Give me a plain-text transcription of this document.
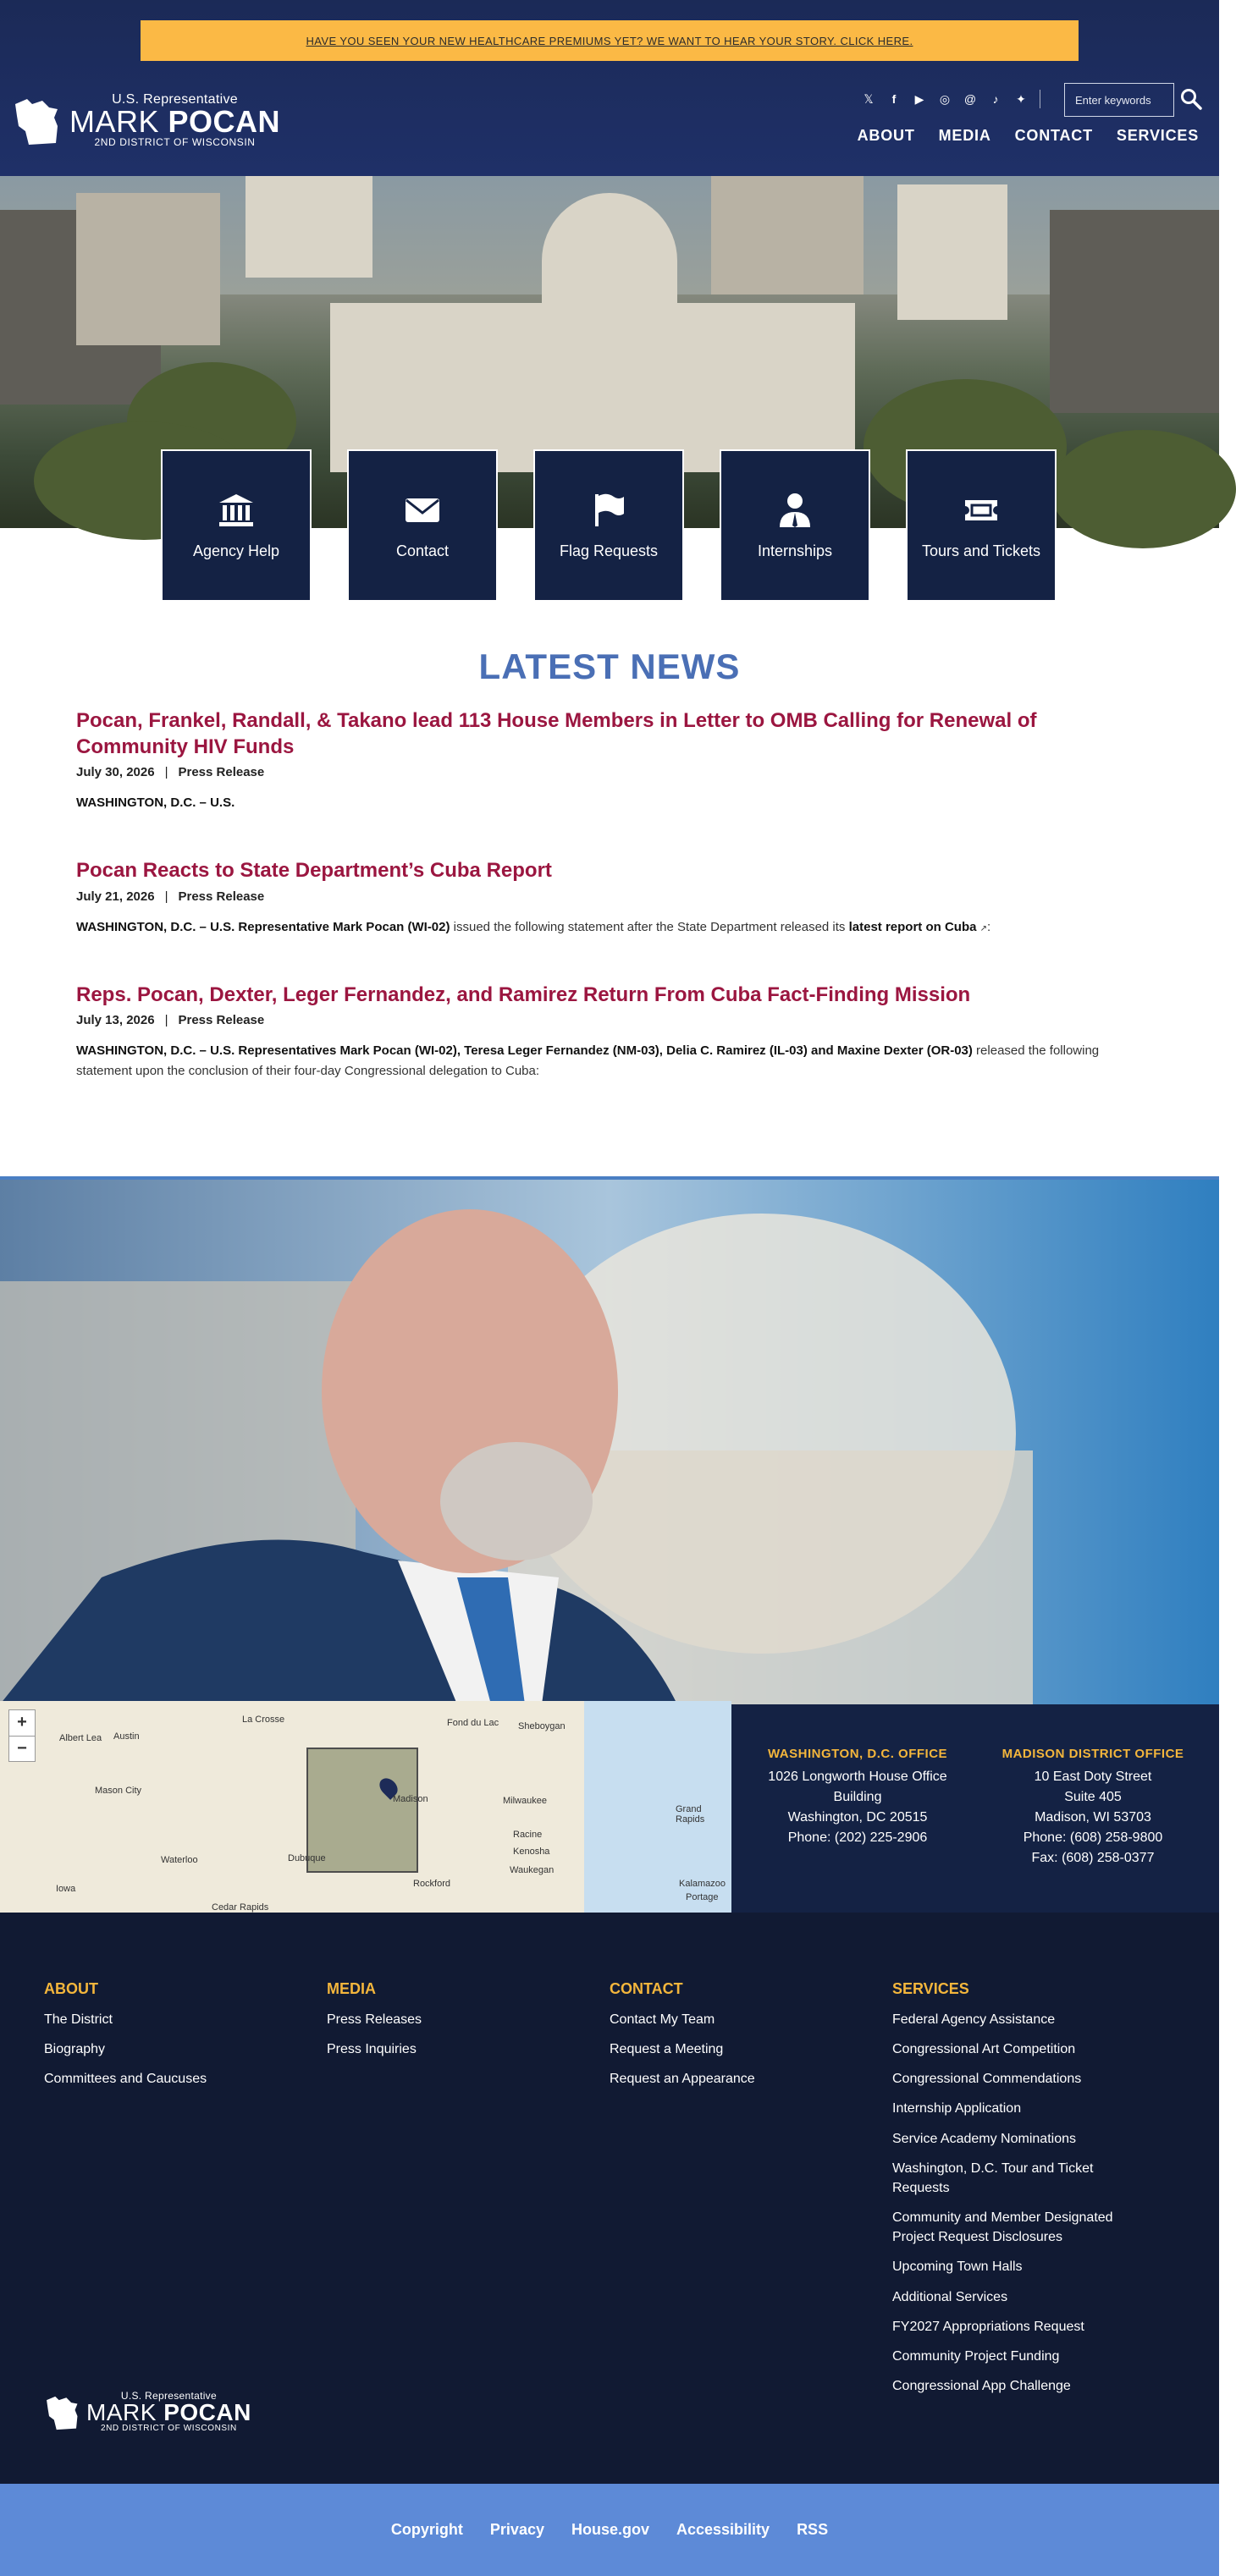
HAVE YOU SEEN YOUR NEW HEALTHCARE PREMIUMS YET? WE WANT TO HEAR YOUR STORY. CLICK HERE.
U.S. Representative
MARK POCAN
2ND DISTRICT OF WISCONSIN
𝕏	f	▶ ◎ @	♪	✦
Enter keywords
ABOUT MEDIA CONTACT SERVICES
Agency Help	Contact	Flag Requests	Internships	Tours and Tickets
LATEST NEWS
Pocan, Frankel, Randall, & Takano lead 113 House Members in Letter to OMB Calling for Renewal of Community HIV Funds
July 30, 2026 | Press Release

WASHINGTON, D.C. – U.S.

Pocan Reacts to State Department’s Cuba Report
July 21, 2026 | Press Release

WASHINGTON, D.C. – U.S. Representative Mark Pocan (WI-02) issued the following statement after the State Department released its latest report on Cuba ↗:

Reps. Pocan, Dexter, Leger Fernandez, and Ramirez Return From Cuba Fact-Finding Mission
July 13, 2026 | Press Release

WASHINGTON, D.C. – U.S. Representatives Mark Pocan (WI-02), Teresa Leger Fernandez (NM-03), Delia C. Ramirez (IL-03) and Maxine Dexter (OR-03) released the following statement upon the conclusion of their four-day Congressional delegation to Cuba:

+
−
La Crosse	Fond du Lac Sheboygan
Albert Lea Austin
Mason City
Madison	Milwaukee
Grand Rapids
Racine
Kenosha
Waukegan
Waterloo	Dubuque
Rockford	Kalamazoo
Portage
Iowa
Cedar Rapids
WASHINGTON, D.C. OFFICE
1026 Longworth House Office Building
Washington, DC 20515
Phone: (202) 225-2906
MADISON DISTRICT OFFICE
10 East Doty Street
Suite 405
Madison, WI 53703
Phone: (608) 258-9800
Fax: (608) 258-0377
ABOUT
The District
Biography
Committees and Caucuses
MEDIA
Press Releases
Press Inquiries
CONTACT
Contact My Team
Request a Meeting
Request an Appearance
SERVICES
Federal Agency Assistance
Congressional Art Competition
Congressional Commendations
Internship Application
Service Academy Nominations
Washington, D.C. Tour and Ticket Requests
Community and Member Designated Project Request Disclosures
Upcoming Town Halls
Additional Services
FY2027 Appropriations Request
Community Project Funding
Congressional App Challenge
U.S. Representative
MARK POCAN
2ND DISTRICT OF WISCONSIN
Copyright Privacy House.gov Accessibility RSS
